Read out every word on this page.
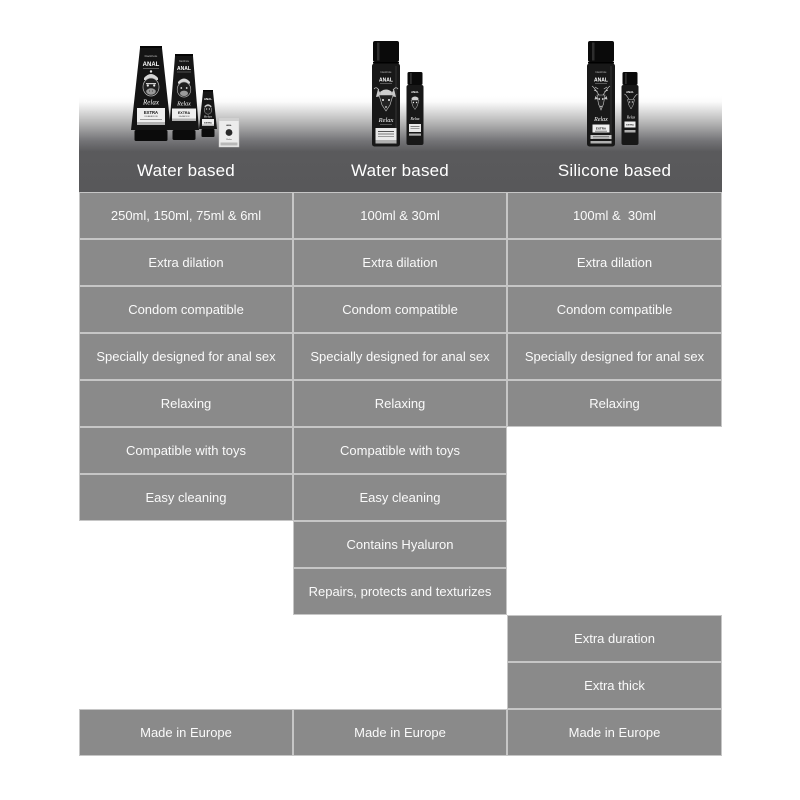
Water based	Water based	Silicone based
blackhole
ANAL
Relax
EXTRA
DILATACION
blackhole
ANAL
Relax
EXTRA
DILATACION
ANAL
Relax
EXTRA
ANAL
Relax
blackhole
ANAL
Relax
ANAL
Relax
blackhole
ANAL
Relax
EXTRA
ANAL
Relax
EXTRA
250ml, 150ml, 75ml & 6ml
Extra dilation
Condom compatible
Specially designed for anal sex
Relaxing
Compatible with toys
Easy cleaning
Made in Europe
100ml & 30ml
Extra dilation
Condom compatible
Specially designed for anal sex
Relaxing
Compatible with toys
Easy cleaning
Contains Hyaluron
Repairs, protects and texturizes
Made in Europe
100ml &  30ml
Extra dilation
Condom compatible
Specially designed for anal sex
Relaxing
Extra duration
Extra thick
Made in Europe
